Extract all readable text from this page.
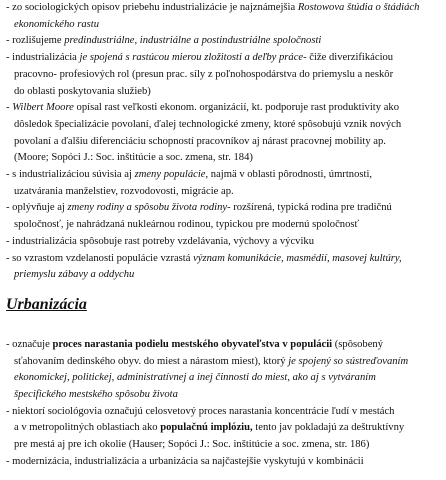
- zo sociologických opisov priebehu industrializácie je najznámejšia Rostowova štúdia o štádiách
ekonomického rastu
- rozlišujeme predindustriálne, industriálne a postindustriálne spoločnosti
- industrializácia je spojená s rastúcou mierou zložitosti a deľby práce- čiže diverzifikáciou
pracovno- profesiových rol (presun prac. síly z poľnohospodárstva do priemyslu a neskôr
do oblasti poskytovania služieb)
- Wilbert Moore opísal rast veľkosti ekonom. organizácií, kt. podporuje rast produktivity ako
dôsledok špecializácie povolaní, ďalej technologické zmeny, ktoré spôsobujú vznik nových
povolaní a ďalšiu diferenciáciu schopností pracovníkov aj nárast pracovnej mobility ap.
(Moore; Sopóci J.: Soc. inštitúcie a soc. zmena, str. 184)
- s industrializáciou súvisia aj zmeny populácie, najmä v oblasti pôrodnosti, úmrtnosti,
uzatvárania manželstiev, rozvodovosti, migrácie ap.
- oplývňuje aj zmeny rodiny a spôsobu života rodiny- rozšírená, typická rodina pre tradičnú
spoločnosť, je nahrádzaná nukleárnou rodinou, typickou pre modernú spoločnosť
- industrializácia spôsobuje rast potreby vzdelávania, výchovy a výcviku
- so vzrastom vzdelanosti populácie vzrastá význam komunikácie, masmédií, masovej kultúry,
priemyslu zábavy a oddychu
Urbanizácia
- označuje proces narastania podielu mestského obyvateľstva v populácii (spôsobený
sťahovaním dedinského obyv. do miest a nárastom miest), ktorý je spojený so sústreďovaním
ekonomickej, politickej, administratívnej a inej činnosti do miest, ako aj s vytváraním
špecifického mestského spôsobu života
- niektorí sociológovia označujú celosvetový proces narastania koncentrácie ľudí v mestách
a v metropolitných oblastiach ako populačnú implóziu, tento jav pokladajú za deštruktívny
pre mestá aj pre ich okolie (Hauser; Sopóci J.: Soc. inštitúcie a soc. zmena, str. 186)
- modernizácia, industrializácia a urbanizácia sa najčastejšie vyskytujú v kombinácii
